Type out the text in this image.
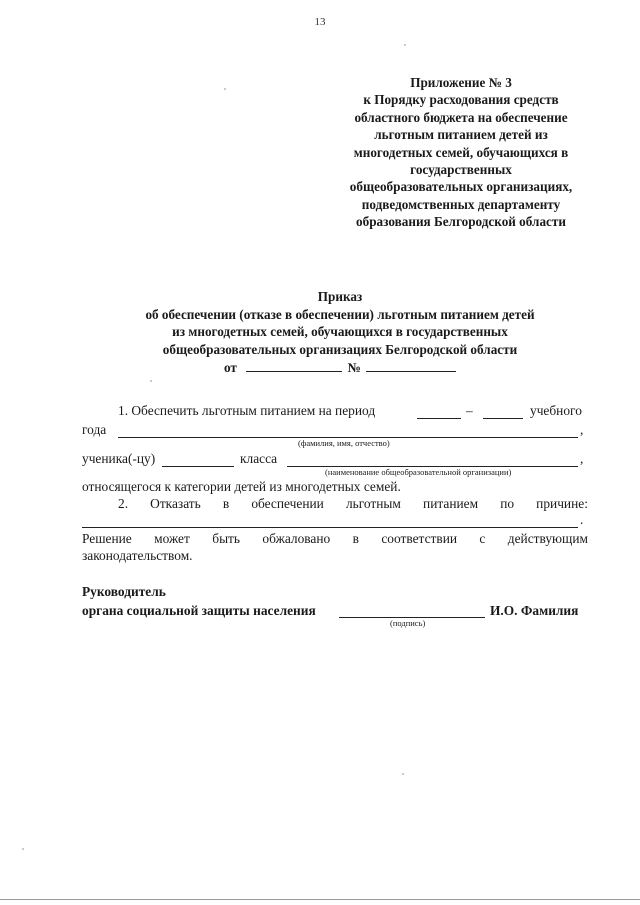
13
Приложение № 3
к Порядку расходования средств
областного бюджета на обеспечение
льготным питанием детей из
многодетных семей, обучающихся в
государственных
общеобразовательных организациях,
подведомственных департаменту
образования Белгородской области
Приказ
об обеспечении (отказе в обеспечении) льготным питанием детей
из многодетных семей, обучающихся в государственных
общеобразовательных организациях Белгородской области
от	№
1. Обеспечить льготным питанием на период	–	учебного
года	,
(фамилия, имя, отчество)
ученика(-цу)	класса	,
(наименование общеобразовательной организации)
относящегося к категории детей из многодетных семей.
2. Отказать в обеспечении льготным питанием по причине:
.
Решение может быть обжаловано в соответствии с действующим
законодательством.
Руководитель
органа социальной защиты населения	И.О. Фамилия
(подпись)
